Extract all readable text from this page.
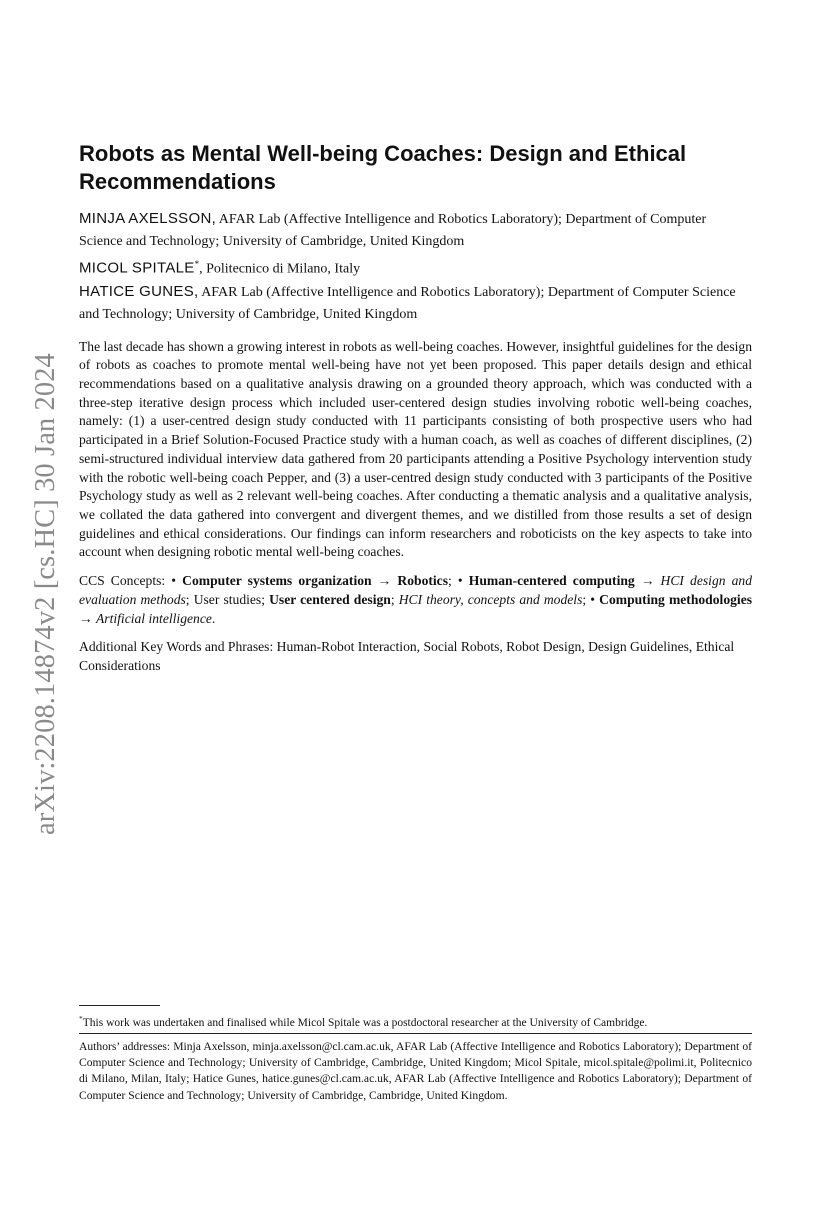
arXiv:2208.14874v2 [cs.HC] 30 Jan 2024
Robots as Mental Well-being Coaches: Design and Ethical Recommendations

MINJA AXELSSON, AFAR Lab (Affective Intelligence and Robotics Laboratory); Department of Computer Science and Technology; University of Cambridge, United Kingdom

MICOL SPITALE*, Politecnico di Milano, Italy

HATICE GUNES, AFAR Lab (Affective Intelligence and Robotics Laboratory); Department of Computer Science and Technology; University of Cambridge, United Kingdom

The last decade has shown a growing interest in robots as well-being coaches. However, insightful guidelines for the design of robots as coaches to promote mental well-being have not yet been proposed. This paper details design and ethical recommendations based on a qualitative analysis drawing on a grounded theory approach, which was conducted with a three-step iterative design process which included user-centered design studies involving robotic well-being coaches, namely: (1) a user-centred design study conducted with 11 participants consisting of both prospective users who had participated in a Brief Solution-Focused Practice study with a human coach, as well as coaches of different disciplines, (2) semi-structured individual interview data gathered from 20 participants attending a Positive Psychology intervention study with the robotic well-being coach Pepper, and (3) a user-centred design study conducted with 3 participants of the Positive Psychology study as well as 2 relevant well-being coaches. After conducting a thematic analysis and a qualitative analysis, we collated the data gathered into convergent and divergent themes, and we distilled from those results a set of design guidelines and ethical considerations. Our findings can inform researchers and roboticists on the key aspects to take into account when designing robotic mental well-being coaches.

CCS Concepts: • Computer systems organization → Robotics; • Human-centered computing → HCI design and evaluation methods; User studies; User centered design; HCI theory, concepts and models; • Computing methodologies → Artificial intelligence.

Additional Key Words and Phrases: Human-Robot Interaction, Social Robots, Robot Design, Design Guidelines, Ethical Considerations

*This work was undertaken and finalised while Micol Spitale was a postdoctoral researcher at the University of Cambridge.
Authors’ addresses: Minja Axelsson, minja.axelsson@cl.cam.ac.uk, AFAR Lab (Affective Intelligence and Robotics Laboratory); Department of Computer Science and Technology; University of Cambridge, Cambridge, United Kingdom; Micol Spitale, micol.spitale@polimi.it, Politecnico di Milano, Milan, Italy; Hatice Gunes, hatice.gunes@cl.cam.ac.uk, AFAR Lab (Affective Intelligence and Robotics Laboratory); Department of Computer Science and Technology; University of Cambridge, Cambridge, United Kingdom.
